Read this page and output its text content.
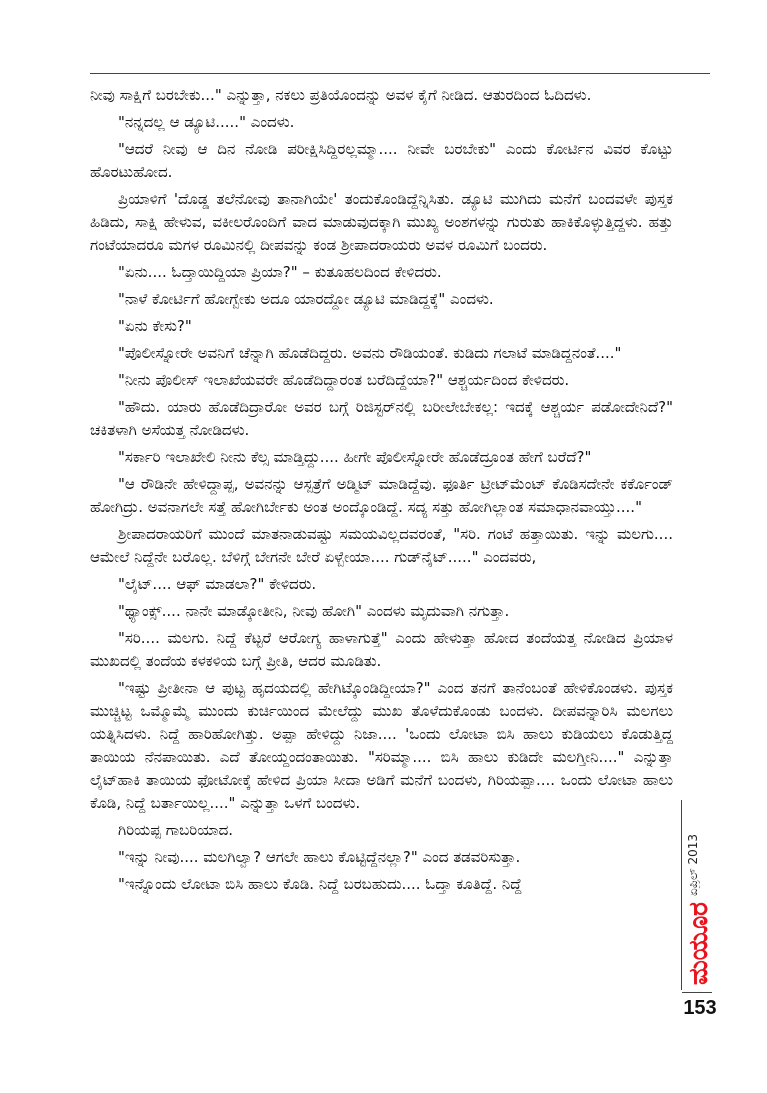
ನೀವು ಸಾಕ್ಷಿಗೆ ಬರಬೇಕು..." ಎನ್ನುತ್ತಾ, ನಕಲು ಪ್ರತಿಯೊಂದನ್ನು ಅವಳ ಕೈಗೆ ನೀಡಿದ. ಆತುರದಿಂದ ಓದಿದಳು.

"ನನ್ನದಲ್ಲ ಆ ಡ್ಯೂಟಿ....." ಎಂದಳು.

"ಆದರೆ ನೀವು ಆ ದಿನ ನೋಡಿ ಪರೀಕ್ಷಿಸಿದ್ದಿರಲ್ಲಮ್ಮಾ.... ನೀವೇ ಬರಬೇಕು" ಎಂದು ಕೋರ್ಟಿನ ವಿವರ ಕೊಟ್ಟು ಹೊರಟುಹೋದ.

ಪ್ರಿಯಾಳಿಗೆ 'ದೊಡ್ಡ ತಲೆನೋವು ತಾನಾಗಿಯೇ' ತಂದುಕೊಂಡಿದ್ದೆನ್ನಿಸಿತು. ಡ್ಯೂಟಿ ಮುಗಿದು ಮನೆಗೆ ಬಂದವಳೇ ಪುಸ್ತಕ ಹಿಡಿದು, ಸಾಕ್ಷಿ ಹೇಳುವ, ವಕೀಲರೊಂದಿಗೆ ವಾದ ಮಾಡುವುದಕ್ಕಾಗಿ ಮುಖ್ಯ ಅಂಶಗಳನ್ನು ಗುರುತು ಹಾಕಿಕೊಳ್ಳುತ್ತಿದ್ದಳು. ಹತ್ತು ಗಂಟೆಯಾದರೂ ಮಗಳ ರೂಮಿನಲ್ಲಿ ದೀಪವನ್ನು ಕಂಡ ಶ್ರೀಪಾದರಾಯರು ಅವಳ ರೂಮಿಗೆ ಬಂದರು.

"ಏನು.... ಓದ್ತಾಯಿದ್ದಿಯಾ ಪ್ರಿಯಾ?" – ಕುತೂಹಲದಿಂದ ಕೇಳಿದರು.

"ನಾಳೆ ಕೋರ್ಟಿಗೆ ಹೋಗ್ಬೇಕು ಅದೂ ಯಾರದ್ದೋ ಡ್ಯೂಟಿ ಮಾಡಿದ್ದಕ್ಕೆ" ಎಂದಳು.

"ಏನು ಕೇಸು?"

"ಪೊಲೀಸ್ನೋರೇ ಅವನಿಗೆ ಚೆನ್ನಾಗಿ ಹೊಡೆದಿದ್ದರು. ಅವನು ರೌಡಿಯಂತೆ. ಕುಡಿದು ಗಲಾಟೆ ಮಾಡಿದ್ದನಂತೆ...."

"ನೀನು ಪೊಲೀಸ್ ಇಲಾಖೆಯವರೇ ಹೊಡೆದಿದ್ದಾರಂತ ಬರೆದಿದ್ದೆಯಾ?" ಆಶ್ಚರ್ಯದಿಂದ ಕೇಳಿದರು.

"ಹೌದು. ಯಾರು ಹೊಡೆದಿದ್ರಾರೋ ಅವರ ಬಗ್ಗೆ ರಿಜಿಸ್ಟರ್‌ನಲ್ಲಿ ಬರೀಲೇಬೇಕಲ್ಲ: ಇದಕ್ಕೆ ಆಶ್ಚರ್ಯ ಪಡೋದೇನಿದೆ?" ಚಕಿತಳಾಗಿ ಅಸೆಯತ್ತ ನೋಡಿದಳು.

"ಸರ್ಕಾರಿ ಇಲಾಖೇಲಿ ನೀನು ಕೆಲ್ಸ ಮಾಡ್ತಿದ್ದು.... ಹೀಗೇ ಪೊಲೀಸ್ನೋರೇ ಹೊಡೆದ್ರೂಂತ ಹೇಗೆ ಬರೆದೆ?"

"ಆ ರೌಡಿನೇ ಹೇಳಿದ್ದಾಪ್ಪ, ಅವನನ್ನು ಆಸ್ಪತ್ರೆಗೆ ಅಡ್ಮಿಟ್ ಮಾಡಿದ್ದೆವು. ಫೂರ್ತಿ ಟ್ರೀಟ್‌ಮೆಂಟ್ ಕೊಡಿಸದೇನೇ ಕರ್ಕೊಂಡ್ ಹೋಗಿದ್ರು. ಅವನಾಗಲೇ ಸತ್ತೆ ಹೋಗಿರ್ಬೇಕು ಅಂತ ಅಂದ್ಕೊಂಡಿದ್ದೆ. ಸದ್ಯ ಸತ್ತು ಹೋಗಿಲ್ಲಾಂತ ಸಮಾಧಾನವಾಯ್ತು...."

ಶ್ರೀಪಾದರಾಯರಿಗೆ ಮುಂದೆ ಮಾತನಾಡುವಷ್ಟು ಸಮಯವಿಲ್ಲದವರಂತೆ, "ಸರಿ. ಗಂಟೆ ಹತ್ತಾಯಿತು. ಇನ್ನು ಮಲಗು.... ಆಮೇಲೆ ನಿದ್ದೆನೇ ಬರೊಲ್ಲ. ಬೆಳಿಗ್ಗೆ ಬೇಗನೇ ಬೇರೆ ಏಳ್ಬೇಯಾ.... ಗುಡ್‌ನೈಟ್....." ಎಂದವರು,

"ಲೈಟ್.... ಆಫ್ ಮಾಡಲಾ?" ಕೇಳಿದರು.

"ಥ್ಯಾಂಕ್ಸ್.... ನಾನೇ ಮಾಡ್ಕೋತೀನಿ, ನೀವು ಹೋಗಿ" ಎಂದಳು ಮೃದುವಾಗಿ ನಗುತ್ತಾ.

"ಸರಿ.... ಮಲಗು. ನಿದ್ದೆ ಕೆಟ್ಟರೆ ಆರೋಗ್ಯ ಹಾಳಾಗುತ್ತೆ" ಎಂದು ಹೇಳುತ್ತಾ ಹೋದ ತಂದೆಯತ್ತ ನೋಡಿದ ಪ್ರಿಯಾಳ ಮುಖದಲ್ಲಿ ತಂದೆಯ ಕಳಕಳಿಯ ಬಗ್ಗೆ ಪ್ರೀತಿ, ಆದರ ಮೂಡಿತು.

"ಇಷ್ಟು ಪ್ರೀತೀನಾ ಆ ಪುಟ್ಟ ಹೃದಯದಲ್ಲಿ ಹೇಗಿಟ್ಕೊಂಡಿದ್ದೀಯಾ?" ಎಂದ ತನಗೆ ತಾನೆಂಬಂತೆ ಹೇಳಿಕೊಂಡಳು. ಪುಸ್ತಕ ಮುಚ್ಚಿಟ್ಟ ಒಮ್ಮೊಮ್ಮೆ ಮುಂದು ಕುರ್ಚಿಯಿಂದ ಮೇಲೆದ್ದು ಮುಖ ತೊಳೆದುಕೊಂಡು ಬಂದಳು. ದೀಪವನ್ನಾರಿಸಿ ಮಲಗಲು ಯತ್ನಿಸಿದಳು. ನಿದ್ದೆ ಹಾರಿಹೋಗಿತ್ತು. ಅಪ್ಪಾ ಹೇಳಿದ್ದು ನಿಜಾ.... 'ಒಂದು ಲೋಟಾ ಬಿಸಿ ಹಾಲು ಕುಡಿಯಲು ಕೊಡುತ್ತಿದ್ದ ತಾಯಿಯ ನೆನಪಾಯಿತು. ಎದೆ ತೋಯ್ದಂದಂತಾಯಿತು. "ಸರಿಮ್ಮಾ.... ಬಿಸಿ ಹಾಲು ಕುಡಿದೇ ಮಲಗ್ತೀನಿ...." ಎನ್ನುತ್ತಾ ಲೈಟ್‌ಹಾಕಿ ತಾಯಿಯ ಫೋಟೋಕ್ಕೆ ಹೇಳಿದ ಪ್ರಿಯಾ ಸೀದಾ ಅಡಿಗೆ ಮನೆಗೆ ಬಂದಳು, ಗಿರಿಯಪ್ಪಾ.... ಒಂದು ಲೋಟಾ ಹಾಲು ಕೊಡಿ, ನಿದ್ದೆ ಬರ್ತಾಯಿಲ್ಲ...." ಎನ್ನುತ್ತಾ ಒಳಗೆ ಬಂದಳು.

ಗಿರಿಯಪ್ಪ ಗಾಬರಿಯಾದ.

"ಇನ್ನು ನೀವು.... ಮಲಗಿಲ್ವಾ? ಆಗಲೇ ಹಾಲು ಕೊಟ್ಟಿದ್ದೆನಲ್ಲಾ?" ಎಂದ ತಡವರಿಸುತ್ತಾ.

"ಇನ್ನೊಂದು ಲೋಟಾ ಬಿಸಿ ಹಾಲು ಕೊಡಿ. ನಿದ್ದೆ ಬರಬಹುದು.... ಓದ್ತಾ ಕೂತಿದ್ದೆ. ನಿದ್ದೆ	ಏಪ್ರಿಲ್ 2013
ಮಯೂರ
153
